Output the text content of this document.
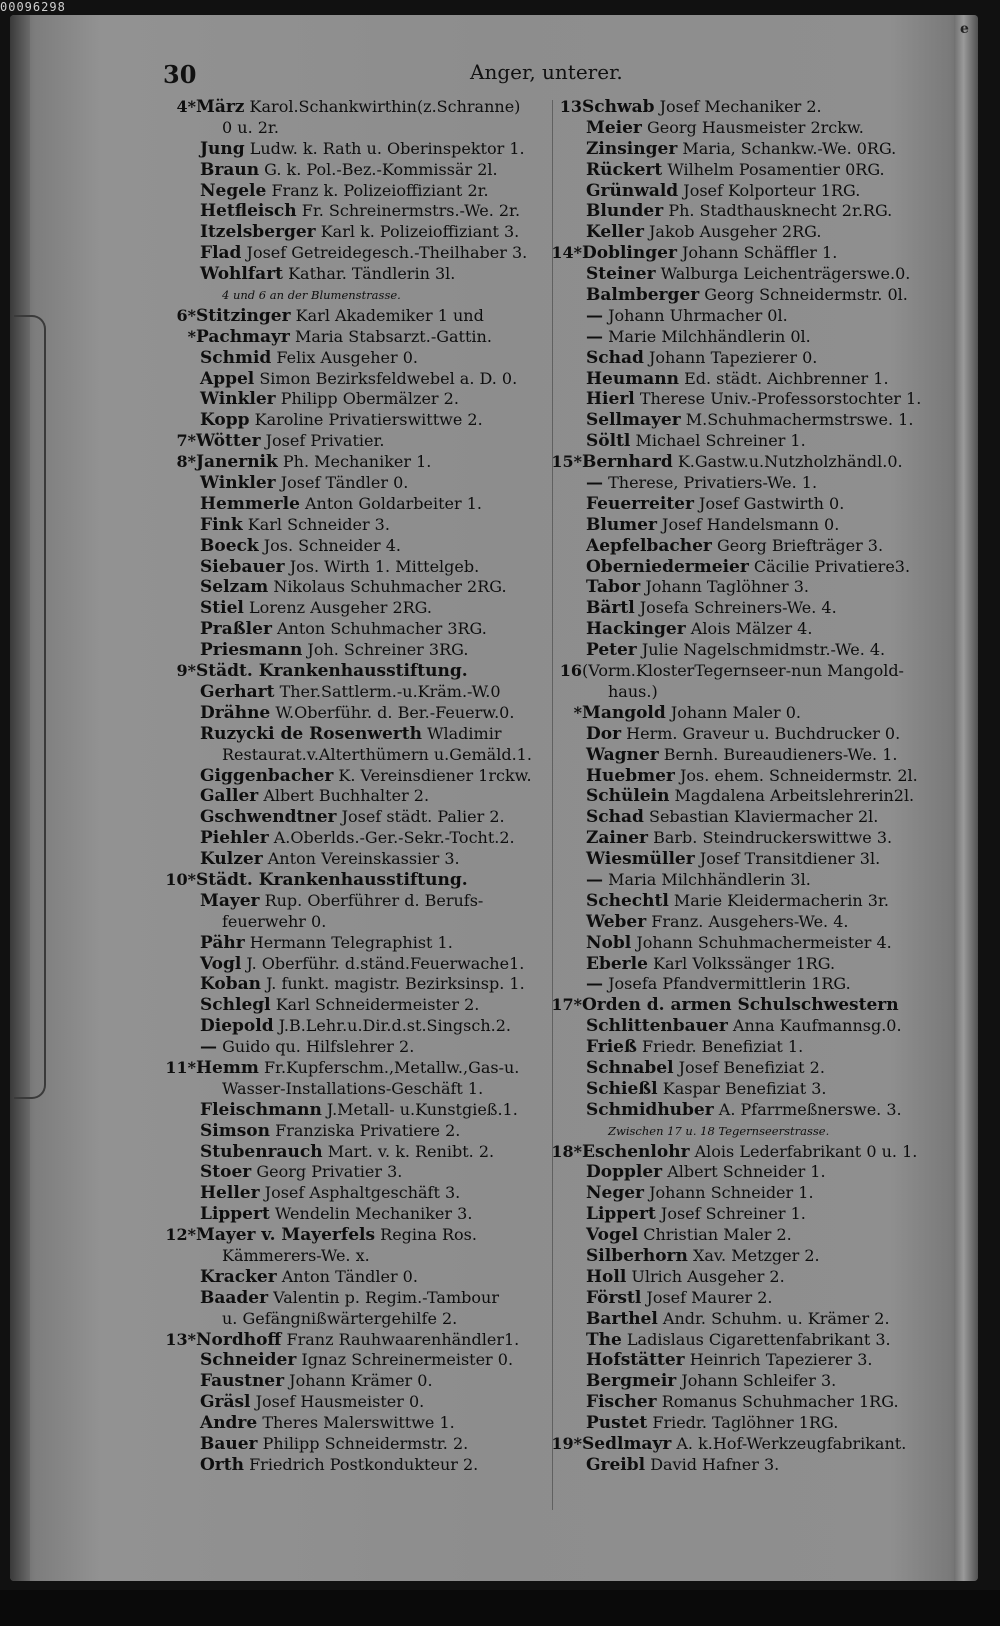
00096298
e
30	Anger, unterer.
4*März Karol.Schankwirthin(z.Schranne)
0 u. 2r.
Jung Ludw. k. Rath u. Oberinspektor 1.
Braun G. k. Pol.-Bez.-Kommissär 2l.
Negele Franz k. Polizeioffiziant 2r.
Hetfleisch Fr. Schreinermstrs.-We. 2r.
Itzelsberger Karl k. Polizeioffiziant 3.
Flad Josef Getreidegesch.-Theilhaber 3.
Wohlfart Kathar. Tändlerin 3l.
4 und 6 an der Blumenstrasse.
6*Stitzinger Karl Akademiker 1 und
*Pachmayr Maria Stabsarzt.-Gattin.
Schmid Felix Ausgeher 0.
Appel Simon Bezirksfeldwebel a. D. 0.
Winkler Philipp Obermälzer 2.
Kopp Karoline Privatierswittwe 2.
7*Wötter Josef Privatier.
8*Janernik Ph. Mechaniker 1.
Winkler Josef Tändler 0.
Hemmerle Anton Goldarbeiter 1.
Fink Karl Schneider 3.
Boeck Jos. Schneider 4.
Siebauer Jos. Wirth 1. Mittelgeb.
Selzam Nikolaus Schuhmacher 2RG.
Stiel Lorenz Ausgeher 2RG.
Praßler Anton Schuhmacher 3RG.
Priesmann Joh. Schreiner 3RG.
9*Städt. Krankenhausstiftung.
Gerhart Ther.Sattlerm.-u.Kräm.-W.0
Drähne W.Oberführ. d. Ber.-Feuerw.0.
Ruzycki de Rosenwerth Wladimir
Restaurat.v.Alterthümern u.Gemäld.1.
Giggenbacher K. Vereinsdiener 1rckw.
Galler Albert Buchhalter 2.
Gschwendtner Josef städt. Palier 2.
Piehler A.Oberlds.-Ger.-Sekr.-Tocht.2.
Kulzer Anton Vereinskassier 3.
10*Städt. Krankenhausstiftung.
Mayer Rup. Oberführer d. Berufs-
feuerwehr 0.
Pähr Hermann Telegraphist 1.
Vogl J. Oberführ. d.ständ.Feuerwache1.
Koban J. funkt. magistr. Bezirksinsp. 1.
Schlegl Karl Schneidermeister 2.
Diepold J.B.Lehr.u.Dir.d.st.Singsch.2.
— Guido qu. Hilfslehrer 2.
11*Hemm Fr.Kupferschm.,Metallw.,Gas-u.
Wasser-Installations-Geschäft 1.
Fleischmann J.Metall- u.Kunstgieß.1.
Simson Franziska Privatiere 2.
Stubenrauch Mart. v. k. Renibt. 2.
Stoer Georg Privatier 3.
Heller Josef Asphaltgeschäft 3.
Lippert Wendelin Mechaniker 3.
12*Mayer v. Mayerfels Regina Ros.
Kämmerers-We. x.
Kracker Anton Tändler 0.
Baader Valentin p. Regim.-Tambour
u. Gefängnißwärtergehilfe 2.
13*Nordhoff Franz Rauhwaarenhändler1.
Schneider Ignaz Schreinermeister 0.
Faustner Johann Krämer 0.
Gräsl Josef Hausmeister 0.
Andre Theres Malerswittwe 1.
Bauer Philipp Schneidermstr. 2.
Orth Friedrich Postkondukteur 2.
13Schwab Josef Mechaniker 2.
Meier Georg Hausmeister 2rckw.
Zinsinger Maria, Schankw.-We. 0RG.
Rückert Wilhelm Posamentier 0RG.
Grünwald Josef Kolporteur 1RG.
Blunder Ph. Stadthausknecht 2r.RG.
Keller Jakob Ausgeher 2RG.
14*Doblinger Johann Schäffler 1.
Steiner Walburga Leichenträgerswe.0.
Balmberger Georg Schneidermstr. 0l.
— Johann Uhrmacher 0l.
— Marie Milchhändlerin 0l.
Schad Johann Tapezierer 0.
Heumann Ed. städt. Aichbrenner 1.
Hierl Therese Univ.-Professorstochter 1.
Sellmayer M.Schuhmachermstrswe. 1.
Söltl Michael Schreiner 1.
15*Bernhard K.Gastw.u.Nutzholzhändl.0.
— Therese, Privatiers-We. 1.
Feuerreiter Josef Gastwirth 0.
Blumer Josef Handelsmann 0.
Aepfelbacher Georg Briefträger 3.
Oberniedermeier Cäcilie Privatiere3.
Tabor Johann Taglöhner 3.
Bärtl Josefa Schreiners-We. 4.
Hackinger Alois Mälzer 4.
Peter Julie Nagelschmidmstr.-We. 4.
16(Vorm.KlosterTegernseer-nun Mangold-
haus.)
*Mangold Johann Maler 0.
Dor Herm. Graveur u. Buchdrucker 0.
Wagner Bernh. Bureaudieners-We. 1.
Huebmer Jos. ehem. Schneidermstr. 2l.
Schülein Magdalena Arbeitslehrerin2l.
Schad Sebastian Klaviermacher 2l.
Zainer Barb. Steindruckerswittwe 3.
Wiesmüller Josef Transitdiener 3l.
— Maria Milchhändlerin 3l.
Schechtl Marie Kleidermacherin 3r.
Weber Franz. Ausgehers-We. 4.
Nobl Johann Schuhmachermeister 4.
Eberle Karl Volkssänger 1RG.
— Josefa Pfandvermittlerin 1RG.
17*Orden d. armen Schulschwestern
Schlittenbauer Anna Kaufmannsg.0.
Frieß Friedr. Benefiziat 1.
Schnabel Josef Benefiziat 2.
Schießl Kaspar Benefiziat 3.
Schmidhuber A. Pfarrmeßnerswe. 3.
Zwischen 17 u. 18 Tegernseerstrasse.
18*Eschenlohr Alois Lederfabrikant 0 u. 1.
Doppler Albert Schneider 1.
Neger Johann Schneider 1.
Lippert Josef Schreiner 1.
Vogel Christian Maler 2.
Silberhorn Xav. Metzger 2.
Holl Ulrich Ausgeher 2.
Förstl Josef Maurer 2.
Barthel Andr. Schuhm. u. Krämer 2.
Thе Ladislaus Cigarettenfabrikant 3.
Hofstätter Heinrich Tapezierer 3.
Bergmeir Johann Schleifer 3.
Fischer Romanus Schuhmacher 1RG.
Pustet Friedr. Taglöhner 1RG.
19*Sedlmayr A. k.Hof-Werkzeugfabrikant.
Greibl David Hafner 3.
